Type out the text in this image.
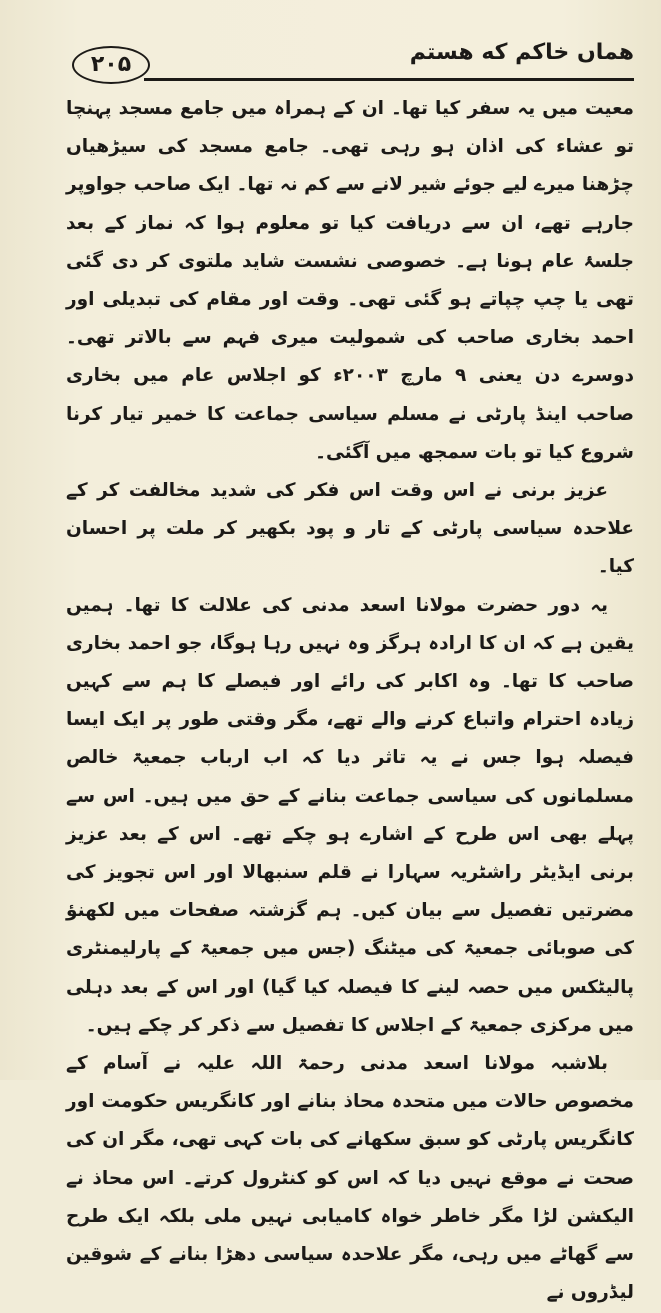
۲۰۵	هماں خاکم که هستم

معیت میں یہ سفر کیا تھا۔ ان کے ہمراہ میں جامع مسجد پہنچا تو عشاء کی اذان ہو رہی تھی۔ جامع مسجد کی سیڑھیاں چڑھنا میرے لیے جوئے شیر لانے سے کم نہ تھا۔ ایک صاحب جواوپر جارہے تھے، ان سے دریافت کیا تو معلوم ہوا کہ نماز کے بعد جلسۂ عام ہونا ہے۔ خصوصی نشست شاید ملتوی کر دی گئی تھی یا چپ چپاتے ہو گئی تھی۔ وقت اور مقام کی تبدیلی اور احمد بخاری صاحب کی شمولیت میری فہم سے بالاتر تھی۔ دوسرے دن یعنی ۹ مارچ ۲۰۰۳ء کو اجلاس عام میں بخاری صاحب اینڈ پارٹی نے مسلم سیاسی جماعت کا خمیر تیار کرنا شروع کیا تو بات سمجھ میں آگئی۔

عزیز برنی نے اس وقت اس فکر کی شدید مخالفت کر کے علاحدہ سیاسی پارٹی کے تار و پود بکھیر کر ملت پر احسان کیا۔

یہ دور حضرت مولانا اسعد مدنی کی علالت کا تھا۔ ہمیں یقین ہے کہ ان کا ارادہ ہرگز وہ نہیں رہا ہوگا، جو احمد بخاری صاحب کا تھا۔ وہ اکابر کی رائے اور فیصلے کا ہم سے کہیں زیادہ احترام واتباع کرنے والے تھے، مگر وقتی طور پر ایک ایسا فیصلہ ہوا جس نے یہ تاثر دیا کہ اب ارباب جمعیۃ خالص مسلمانوں کی سیاسی جماعت بنانے کے حق میں ہیں۔ اس سے پہلے بھی اس طرح کے اشارے ہو چکے تھے۔ اس کے بعد عزیز برنی ایڈیٹر راشٹریہ سہارا نے قلم سنبھالا اور اس تجویز کی مضرتیں تفصیل سے بیان کیں۔ ہم گزشتہ صفحات میں لکھنؤ کی صوبائی جمعیۃ کی میٹنگ (جس میں جمعیۃ کے پارلیمنٹری پالیٹکس میں حصہ لینے کا فیصلہ کیا گیا) اور اس کے بعد دہلی میں مرکزی جمعیۃ کے اجلاس کا تفصیل سے ذکر کر چکے ہیں۔

بلاشبہ مولانا اسعد مدنی رحمۃ اللہ علیہ نے آسام کے مخصوص حالات میں متحدہ محاذ بنانے اور کانگریس حکومت اور کانگریس پارٹی کو سبق سکھانے کی بات کہی تھی، مگر ان کی صحت نے موقع نہیں دیا کہ اس کو کنٹرول کرتے۔ اس محاذ نے الیکشن لڑا مگر خاطر خواہ کامیابی نہیں ملی بلکہ ایک طرح سے گھاٹے میں رہی، مگر علاحدہ سیاسی دھڑا بنانے کے شوقین لیڈروں نے
